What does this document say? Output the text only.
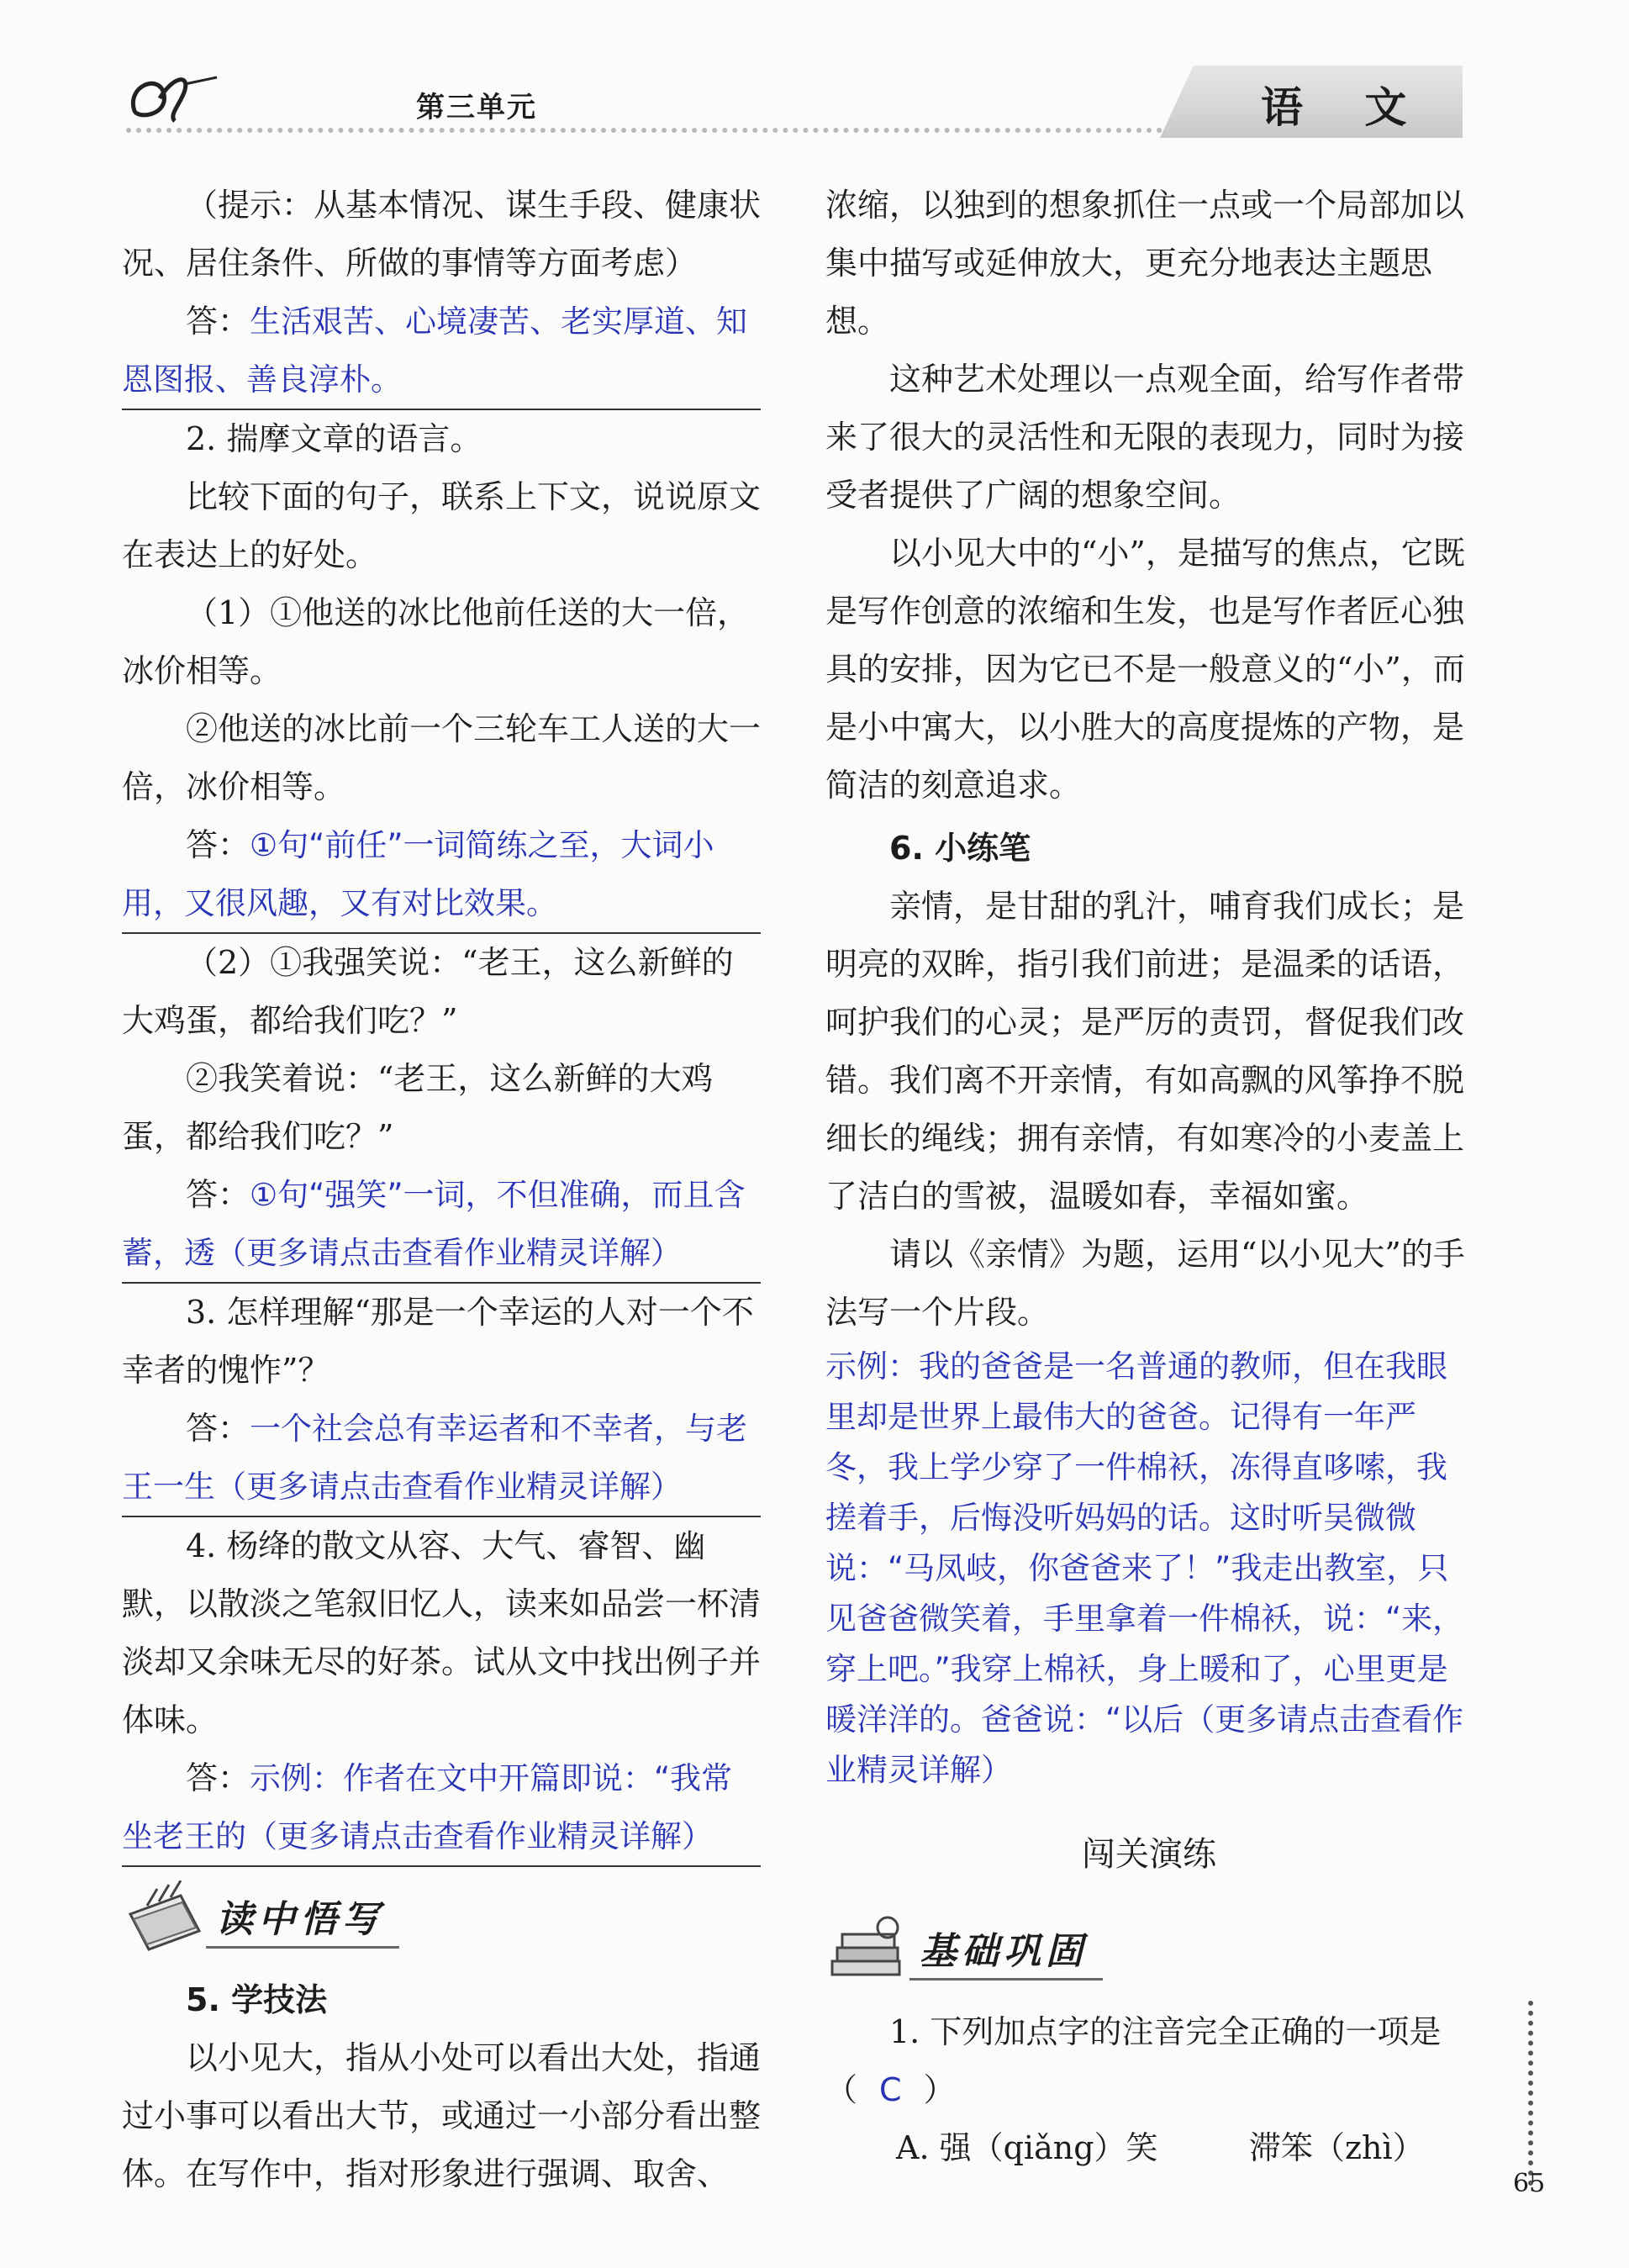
第三单元	语 文

（提示：从基本情况、谋生手段、健康状况、居住条件、所做的事情等方面考虑）

答：生活艰苦、心境凄苦、老实厚道、知恩图报、善良淳朴。

2. 揣摩文章的语言。

比较下面的句子，联系上下文，说说原文在表达上的好处。

（1）①他送的冰比他前任送的大一倍，冰价相等。

②他送的冰比前一个三轮车工人送的大一倍，冰价相等。

答：①句“前任”一词简练之至，大词小用，又很风趣，又有对比效果。

（2）①我强笑说：“老王，这么新鲜的大鸡蛋，都给我们吃？”

②我笑着说：“老王，这么新鲜的大鸡蛋，都给我们吃？”

答：①句“强笑”一词，不但准确，而且含蓄，透（更多请点击查看作业精灵详解）

3. 怎样理解“那是一个幸运的人对一个不幸者的愧怍”？

答：一个社会总有幸运者和不幸者，与老王一生（更多请点击查看作业精灵详解）

4. 杨绛的散文从容、大气、睿智、幽默，以散淡之笔叙旧忆人，读来如品尝一杯清淡却又余味无尽的好茶。试从文中找出例子并体味。

答：示例：作者在文中开篇即说：“我常坐老王的（更多请点击查看作业精灵详解）

读中悟写

5. 学技法

以小见大，指从小处可以看出大处，指通过小事可以看出大节，或通过一小部分看出整体。在写作中，指对形象进行强调、取舍、

浓缩，以独到的想象抓住一点或一个局部加以集中描写或延伸放大，更充分地表达主题思想。

这种艺术处理以一点观全面，给写作者带来了很大的灵活性和无限的表现力，同时为接受者提供了广阔的想象空间。

以小见大中的“小”，是描写的焦点，它既是写作创意的浓缩和生发，也是写作者匠心独具的安排，因为它已不是一般意义的“小”，而是小中寓大，以小胜大的高度提炼的产物，是简洁的刻意追求。

6. 小练笔

亲情，是甘甜的乳汁，哺育我们成长；是明亮的双眸，指引我们前进；是温柔的话语，呵护我们的心灵；是严厉的责罚，督促我们改错。我们离不开亲情，有如高飘的风筝挣不脱细长的绳线；拥有亲情，有如寒冷的小麦盖上了洁白的雪被，温暖如春，幸福如蜜。

请以《亲情》为题，运用“以小见大”的手法写一个片段。

示例：我的爸爸是一名普通的教师，但在我眼里却是世界上最伟大的爸爸。记得有一年严冬，我上学少穿了一件棉袄，冻得直哆嗦，我搓着手，后悔没听妈妈的话。这时听吴微微说：“马凤岐，你爸爸来了！”我走出教室，只见爸爸微笑着，手里拿着一件棉袄，说：“来，穿上吧。”我穿上棉袄，身上暖和了，心里更是暖洋洋的。爸爸说：“以后（更多请点击查看作业精灵详解）

闯关演练
基础巩固

1. 下列加点字的注音完全正确的一项是

（ C ）

A. 强（qiǎng）笑	滞笨（zhì）

65
